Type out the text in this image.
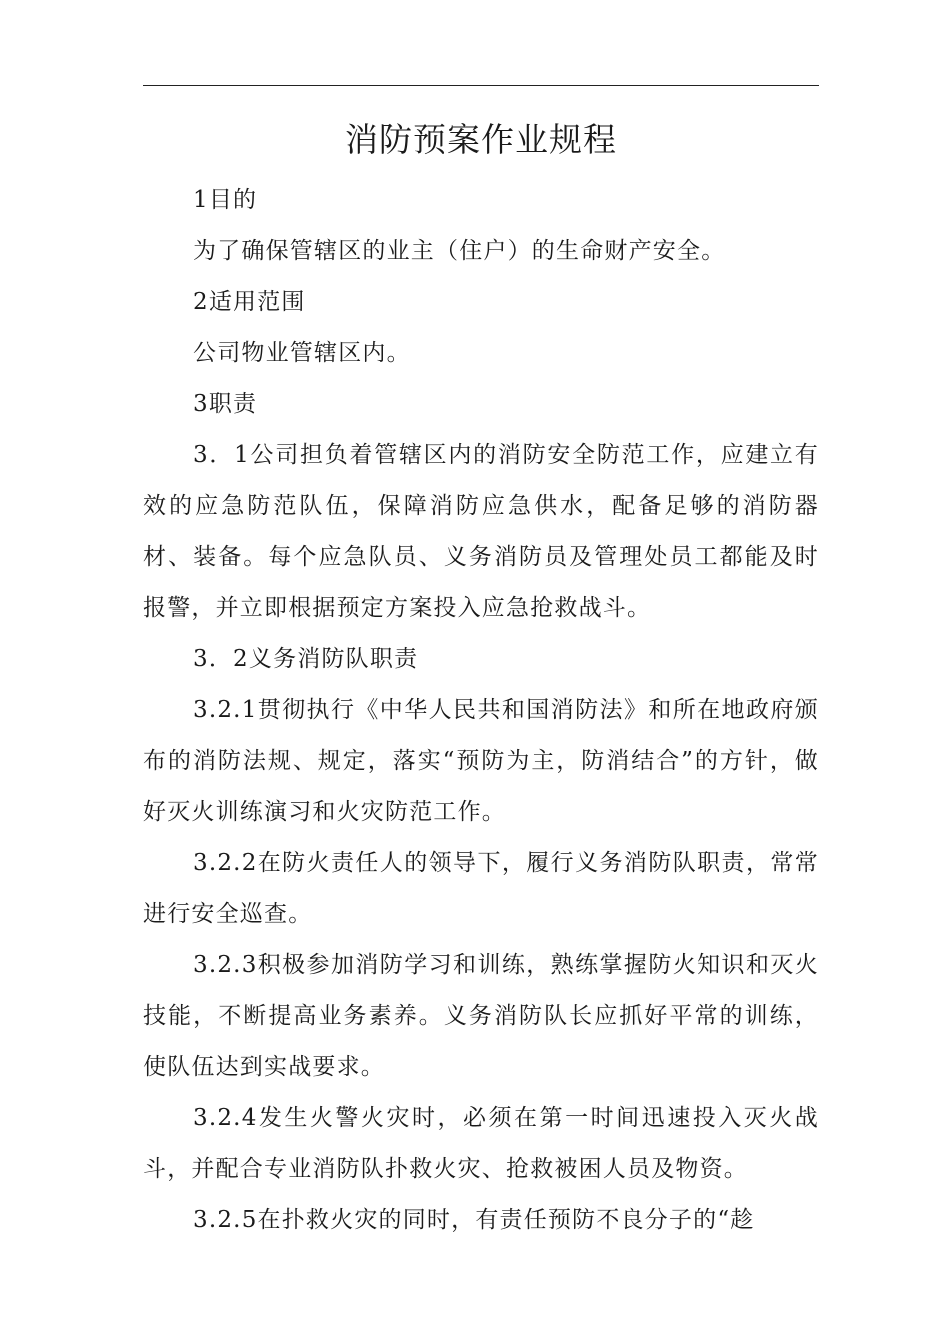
消防预案作业规程

1目的

为了确保管辖区的业主（住户）的生命财产安全。

2适用范围

公司物业管辖区内。

3职责

3．1公司担负着管辖区内的消防安全防范工作，应建立有效的应急防范队伍，保障消防应急供水，配备足够的消防器材、装备。每个应急队员、义务消防员及管理处员工都能及时报警，并立即根据预定方案投入应急抢救战斗。

3．2义务消防队职责

3.2.1贯彻执行《中华人民共和国消防法》和所在地政府颁布的消防法规、规定，落实“预防为主，防消结合”的方针，做好灭火训练演习和火灾防范工作。

3.2.2在防火责任人的领导下，履行义务消防队职责，常常进行安全巡查。

3.2.3积极参加消防学习和训练，熟练掌握防火知识和灭火技能，不断提高业务素养。义务消防队长应抓好平常的训练，使队伍达到实战要求。

3.2.4发生火警火灾时，必须在第一时间迅速投入灭火战斗，并配合专业消防队扑救火灾、抢救被困人员及物资。

3.2.5在扑救火灾的同时，有责任预防不良分子的“趁
